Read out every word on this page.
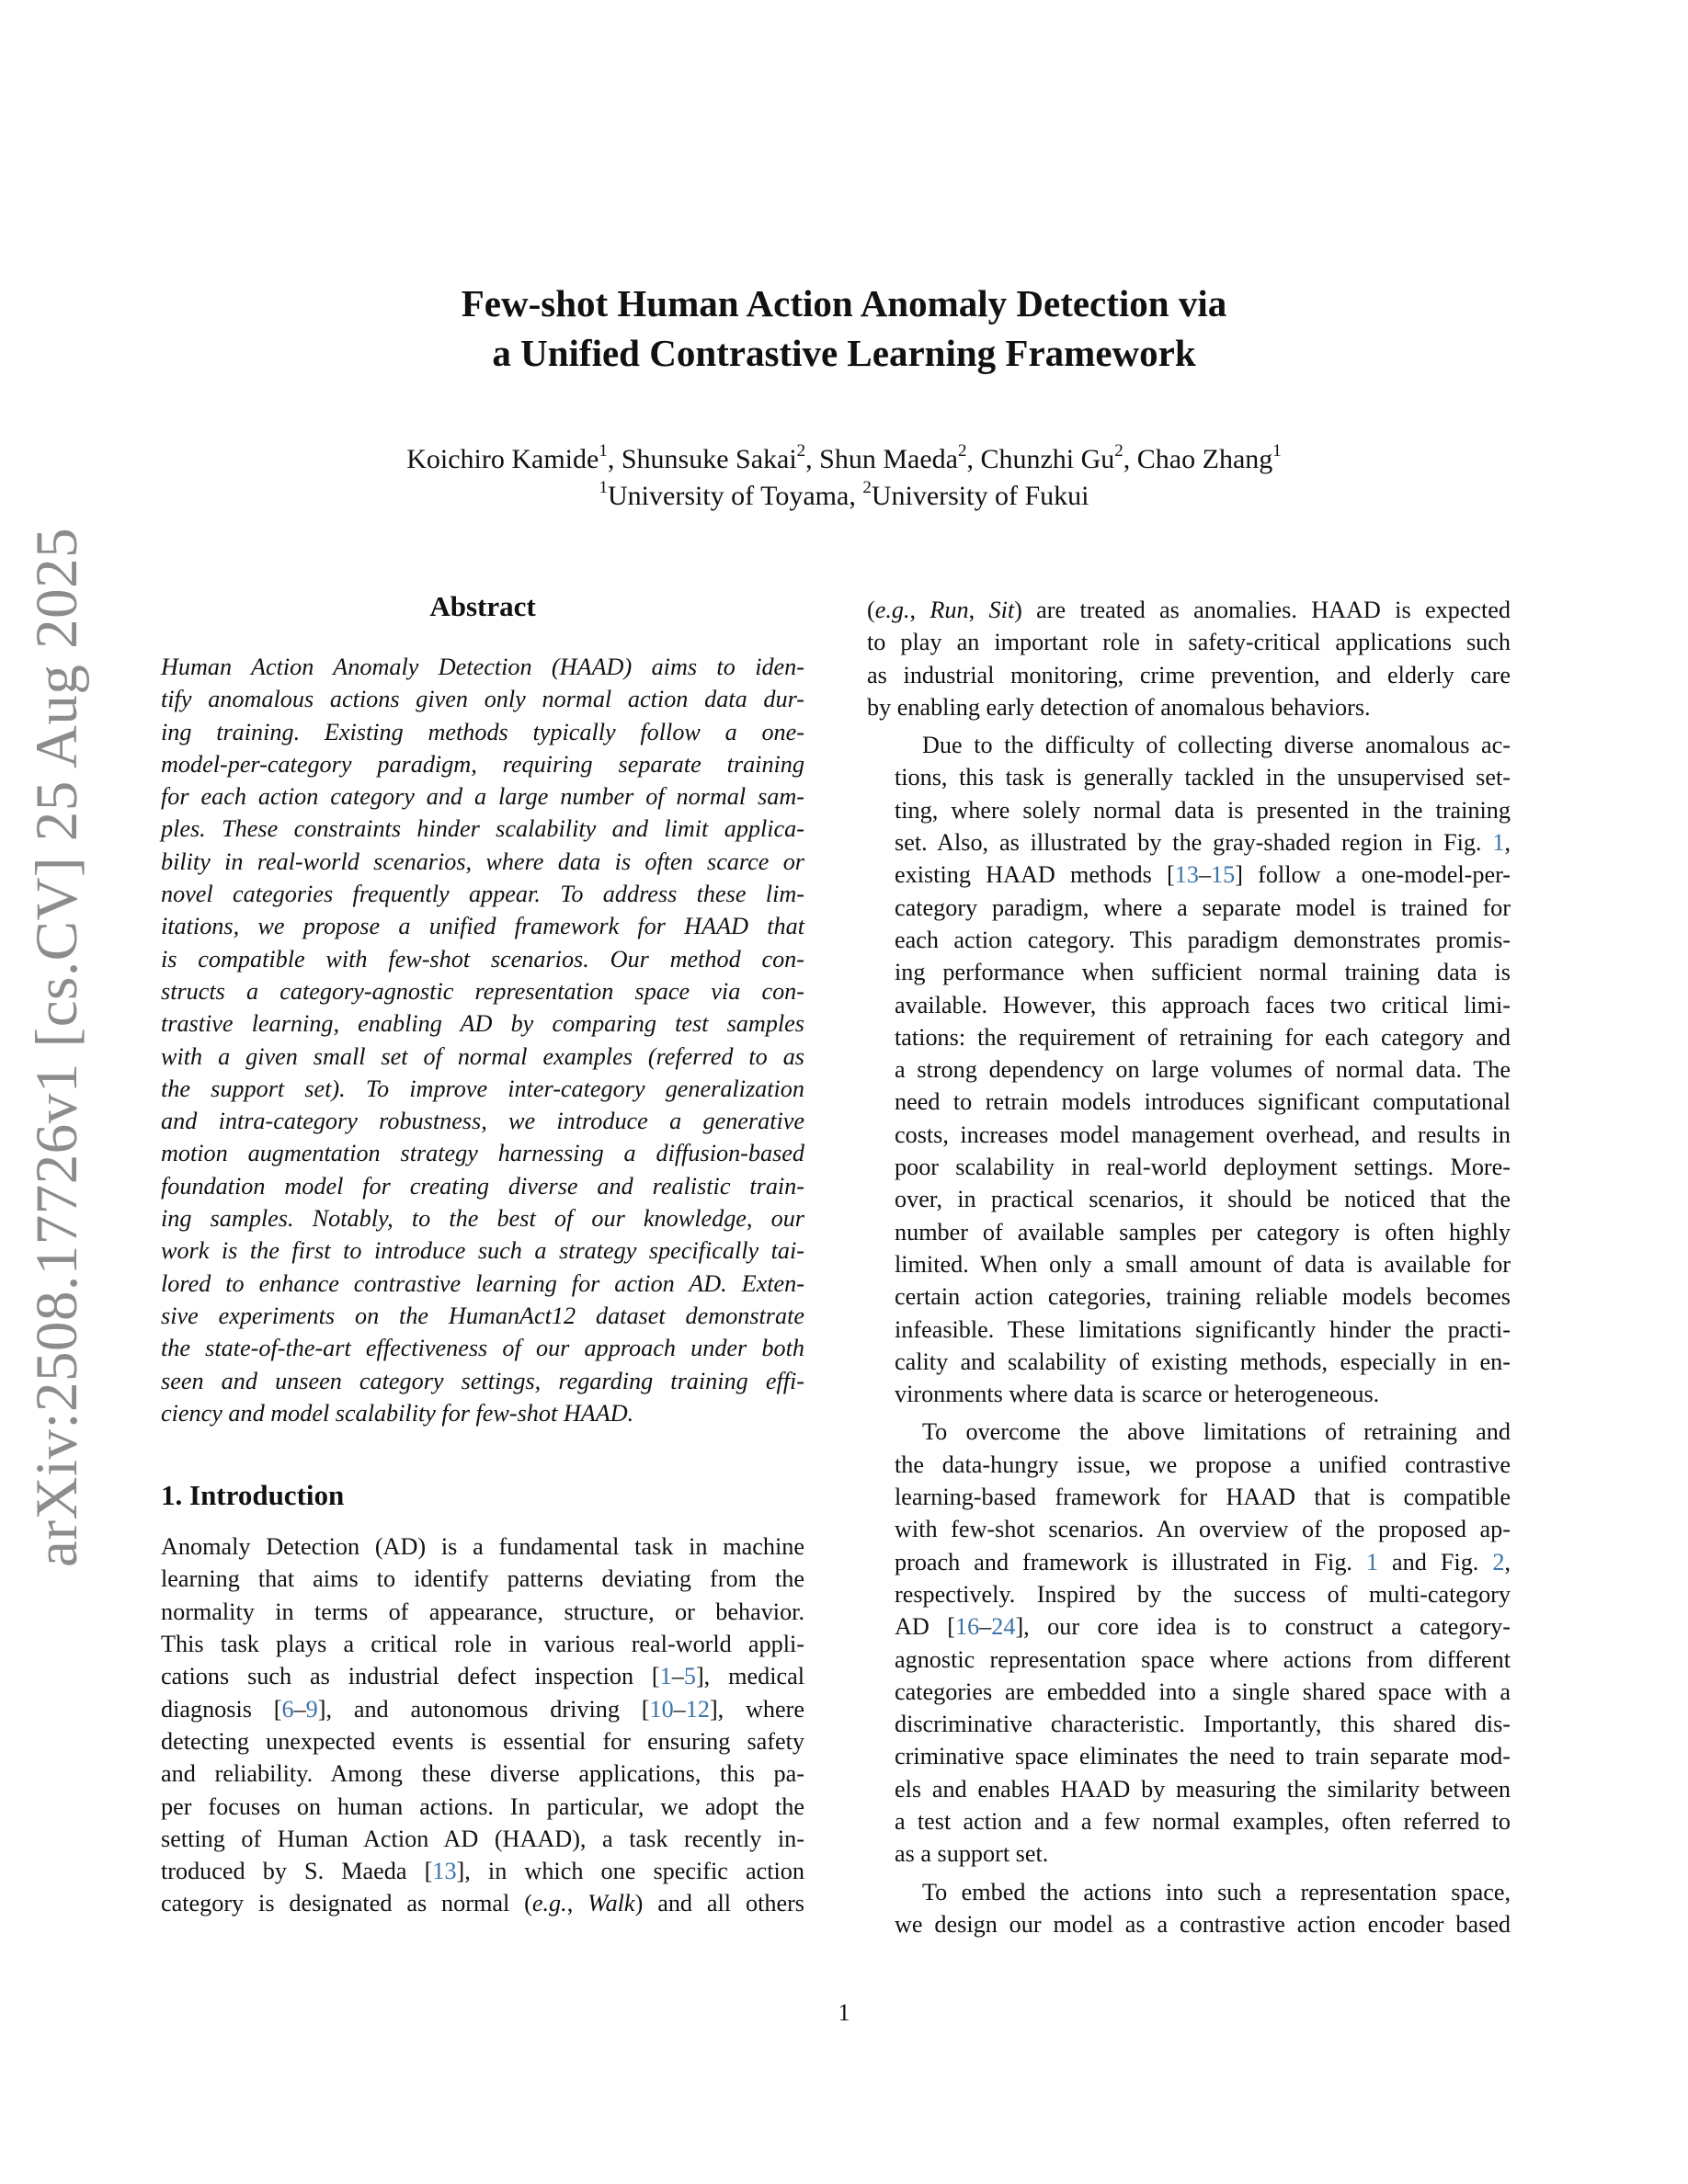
arXiv:2508.17726v1 [cs.CV] 25 Aug 2025
Few-shot Human Action Anomaly Detection via
a Unified Contrastive Learning Framework
Koichiro Kamide$^1$, Shunsuke Sakai$^2$, Shun Maeda$^2$, Chunzhi Gu$^2$, Chao Zhang$^1$
$^1$University of Toyama, $^2$University of Fukui
Abstract
Human Action Anomaly Detection (HAAD) aims to iden-
tify anomalous actions given only normal action data dur-
ing training. Existing methods typically follow a one-
model-per-category paradigm, requiring separate training
for each action category and a large number of normal sam-
ples. These constraints hinder scalability and limit applica-
bility in real-world scenarios, where data is often scarce or
novel categories frequently appear. To address these lim-
itations, we propose a unified framework for HAAD that
is compatible with few-shot scenarios. Our method con-
structs a category-agnostic representation space via con-
trastive learning, enabling AD by comparing test samples
with a given small set of normal examples (referred to as
the support set). To improve inter-category generalization
and intra-category robustness, we introduce a generative
motion augmentation strategy harnessing a diffusion-based
foundation model for creating diverse and realistic train-
ing samples. Notably, to the best of our knowledge, our
work is the first to introduce such a strategy specifically tai-
lored to enhance contrastive learning for action AD. Exten-
sive experiments on the HumanAct12 dataset demonstrate
the state-of-the-art effectiveness of our approach under both
seen and unseen category settings, regarding training effi-
ciency and model scalability for few-shot HAAD.
1. Introduction

Anomaly Detection (AD) is a fundamental task in machine
learning that aims to identify patterns deviating from the
normality in terms of appearance, structure, or behavior.
This task plays a critical role in various real-world appli-
cations such as industrial defect inspection [1–5], medical
diagnosis [6–9], and autonomous driving [10–12], where
detecting unexpected events is essential for ensuring safety
and reliability. Among these diverse applications, this pa-
per focuses on human actions. In particular, we adopt the
setting of Human Action AD (HAAD), a task recently in-
troduced by S. Maeda [13], in which one specific action
category is designated as normal (e.g., Walk) and all others

(e.g., Run, Sit) are treated as anomalies. HAAD is expected
to play an important role in safety-critical applications such
as industrial monitoring, crime prevention, and elderly care
by enabling early detection of anomalous behaviors.

Due to the difficulty of collecting diverse anomalous ac-
tions, this task is generally tackled in the unsupervised set-
ting, where solely normal data is presented in the training
set. Also, as illustrated by the gray-shaded region in Fig. 1,
existing HAAD methods [13–15] follow a one-model-per-
category paradigm, where a separate model is trained for
each action category. This paradigm demonstrates promis-
ing performance when sufficient normal training data is
available. However, this approach faces two critical limi-
tations: the requirement of retraining for each category and
a strong dependency on large volumes of normal data. The
need to retrain models introduces significant computational
costs, increases model management overhead, and results in
poor scalability in real-world deployment settings. More-
over, in practical scenarios, it should be noticed that the
number of available samples per category is often highly
limited. When only a small amount of data is available for
certain action categories, training reliable models becomes
infeasible. These limitations significantly hinder the practi-
cality and scalability of existing methods, especially in en-
vironments where data is scarce or heterogeneous.

To overcome the above limitations of retraining and
the data-hungry issue, we propose a unified contrastive
learning-based framework for HAAD that is compatible
with few-shot scenarios. An overview of the proposed ap-
proach and framework is illustrated in Fig. 1 and Fig. 2,
respectively. Inspired by the success of multi-category
AD [16–24], our core idea is to construct a category-
agnostic representation space where actions from different
categories are embedded into a single shared space with a
discriminative characteristic. Importantly, this shared dis-
criminative space eliminates the need to train separate mod-
els and enables HAAD by measuring the similarity between
a test action and a few normal examples, often referred to
as a support set.

To embed the actions into such a representation space,
we design our model as a contrastive action encoder based

1
